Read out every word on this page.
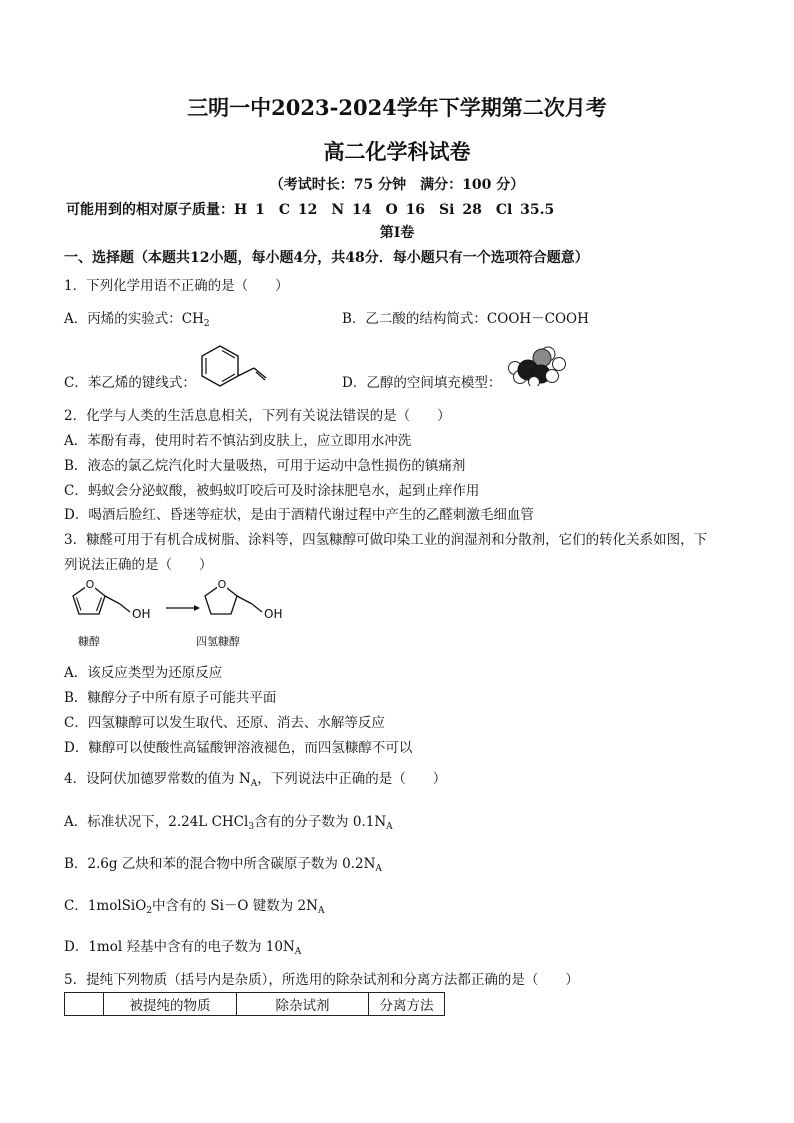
三明一中2023-2024学年下学期第二次月考
高二化学科试卷
（考试时长：75 分钟　满分：100 分）
可能用到的相对原子质量：H 1　C 12　N 14　O 16　Si 28　Cl 35.5
第Ⅰ卷
一、选择题（本题共12小题，每小题4分，共48分．每小题只有一个选项符合题意）
1．下列化学用语不正确的是（　　）
A．丙烯的实验式：$CH_2$	B．乙二酸的结构简式：COOH－COOH
C．苯乙烯的键线式：	D．乙醇的空间填充模型：
2．化学与人类的生活息息相关，下列有关说法错误的是（　　）
A．苯酚有毒，使用时若不慎沾到皮肤上，应立即用水冲洗
B．液态的氯乙烷汽化时大量吸热，可用于运动中急性损伤的镇痛剂
C．蚂蚁会分泌蚁酸，被蚂蚁叮咬后可及时涂抹肥皂水，起到止痒作用
D．喝酒后脸红、昏迷等症状，是由于酒精代谢过程中产生的乙醛刺激毛细血管
3．糠醛可用于有机合成树脂、涂料等，四氢糠醇可做印染工业的润湿剂和分散剂，它们的转化关系如图，下
列说法正确的是（　　）
O
OH
糠醇
O
OH
四氢糠醇
A．该反应类型为还原反应
B．糠醇分子中所有原子可能共平面
C．四氢糠醇可以发生取代、还原、消去、水解等反应
D．糠醇可以使酸性高锰酸钾溶液褪色，而四氢糠醇不可以
4．设阿伏加德罗常数的值为 $N_A$，下列说法中正确的是（　　）
A．标准状况下，2.24L CHCl$_3$含有的分子数为 $0.1N_A$
B．2.6g 乙炔和苯的混合物中所含碳原子数为 $0.2N_A$
C．1molSiO$_2$中含有的 Si－O 键数为 $2N_A$
D．1mol 羟基中含有的电子数为 $10N_A$
5．提纯下列物质（括号内是杂质），所选用的除杂试剂和分离方法都正确的是（　　）
	被提纯的物质	除杂试剂	分离方法
